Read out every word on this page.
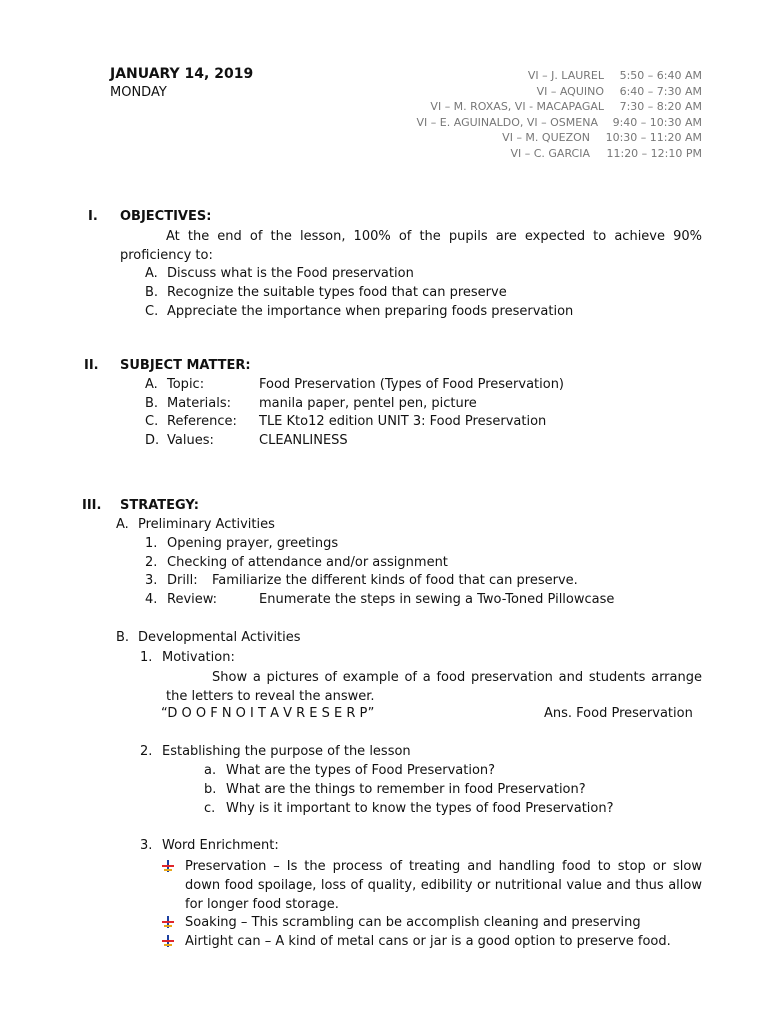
JANUARY 14, 2019
MONDAY
VI – J. LAUREL	5:50 – 6:40 AM
VI – AQUINO	6:40 – 7:30 AM
VI – M. ROXAS, VI - MACAPAGAL	7:30 – 8:20 AM
VI – E. AGUINALDO, VI – OSMENA	9:40 – 10:30 AM
VI – M. QUEZON	10:30 – 11:20 AM
VI – C. GARCIA	11:20 – 12:10 PM
I. OBJECTIVES:
At the end of the lesson, 100% of the pupils are expected to achieve 90% proficiency to:
A. Discuss what is the Food preservation
B. Recognize the suitable types food that can preserve
C. Appreciate the importance when preparing foods preservation
II. SUBJECT MATTER:
A. Topic:	Food Preservation (Types of Food Preservation)
B. Materials: manila paper, pentel pen, picture
C. Reference: TLE Kto12 edition UNIT 3: Food Preservation
D. Values:	CLEANLINESS
III. STRATEGY:
A. Preliminary Activities
1. Opening prayer, greetings
2. Checking of attendance and/or assignment
3. Drill: Familiarize the different kinds of food that can preserve.
4. Review:	Enumerate the steps in sewing a Two-Toned Pillowcase
B. Developmental Activities
1. Motivation:
Show a pictures of example of a food preservation and students arrange the letters to reveal the answer.
“D O O F N O I T A V R E S E R P”	Ans. Food Preservation
2. Establishing the purpose of the lesson
a. What are the types of Food Preservation?
b. What are the things to remember in food Preservation?
c. Why is it important to know the types of food Preservation?
3. Word Enrichment:
Preservation – Is the process of treating and handling food to stop or slow down food spoilage, loss of quality, edibility or nutritional value and thus allow for longer food storage.
Soaking – This scrambling can be accomplish cleaning and preserving
Airtight can – A kind of metal cans or jar is a good option to preserve food.
